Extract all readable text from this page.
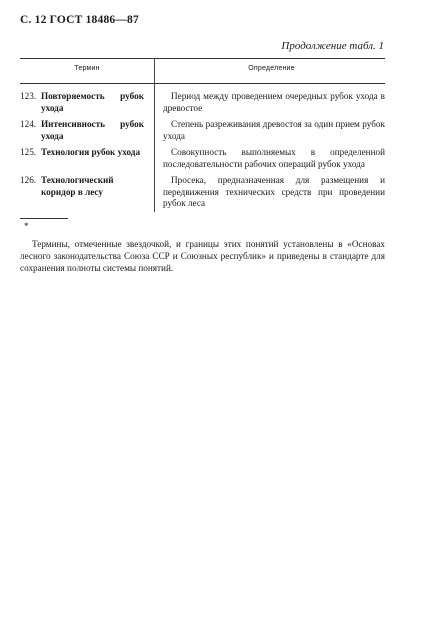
С. 12 ГОСТ 18486—87
Продолжение табл. 1
Термин	Определение
123. Повторяемость рубок ухода
Период между проведением очередных рубок ухода в древостое
124. Интенсивность рубок ухода
Степень разреживания древостоя за один прием рубок ухода
125. Технология рубок ухода	Совокупность выполняемых в определенной последовательности рабочих операций рубок ухода
126. Технологический коридор в лесу
Просека, предназначенная для размещения и передвижения технических средств при проведении рубок леса
*
Термины, отмеченные звездочкой, и границы этих понятий установлены в «Основах лесного законодательства Союза ССР и Союзных республик» и приведены в стандарте для сохранения полноты системы понятий.
